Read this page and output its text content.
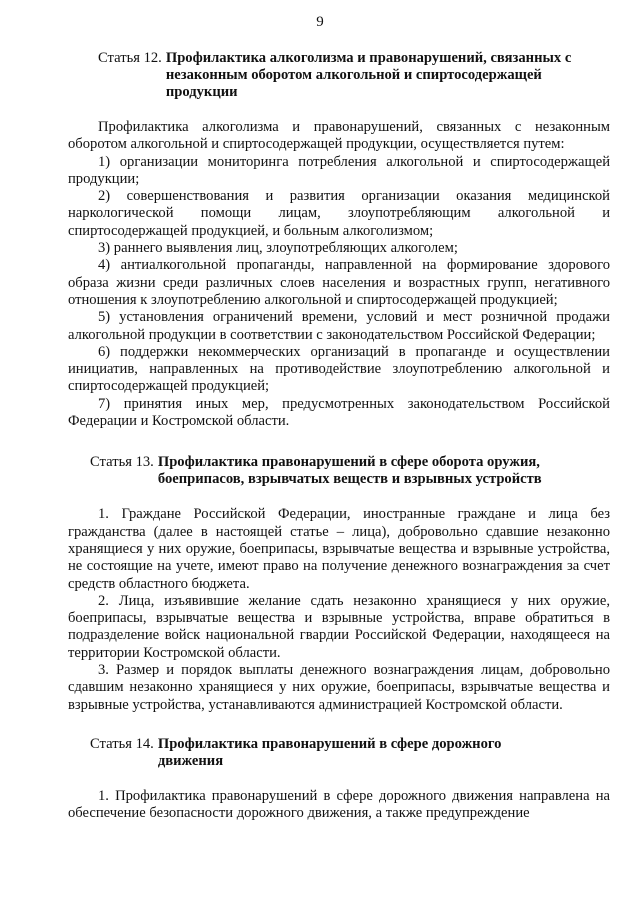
9
Статья 12. Профилактика алкоголизма и правонарушений, связанных с незаконным оборотом алкогольной и спиртосодержащей продукции

Профилактика алкоголизма и правонарушений, связанных с незаконным оборотом алкогольной и спиртосодержащей продукции, осуществляется путем:

1) организации мониторинга потребления алкогольной и спиртосодержащей продукции;

2) совершенствования и развития организации оказания медицинской наркологической помощи лицам, злоупотребляющим алкогольной и спиртосодержащей продукцией, и больным алкоголизмом;

3) раннего выявления лиц, злоупотребляющих алкоголем;

4) антиалкогольной пропаганды, направленной на формирование здорового образа жизни среди различных слоев населения и возрастных групп, негативного отношения к злоупотреблению алкогольной и спиртосодержащей продукцией;

5) установления ограничений времени, условий и мест розничной продажи алкогольной продукции в соответствии с законодательством Российской Федерации;

6) поддержки некоммерческих организаций в пропаганде и осуществлении инициатив, направленных на противодействие злоупотреблению алкогольной и спиртосодержащей продукцией;

7) принятия иных мер, предусмотренных законодательством Российской Федерации и Костромской области.

Статья 13. Профилактика правонарушений в сфере оборота оружия, боеприпасов, взрывчатых веществ и взрывных устройств

1. Граждане Российской Федерации, иностранные граждане и лица без гражданства (далее в настоящей статье – лица), добровольно сдавшие незаконно хранящиеся у них оружие, боеприпасы, взрывчатые вещества и взрывные устройства, не состоящие на учете, имеют право на получение денежного вознаграждения за счет средств областного бюджета.

2. Лица, изъявившие желание сдать незаконно хранящиеся у них оружие, боеприпасы, взрывчатые вещества и взрывные устройства, вправе обратиться в подразделение войск национальной гвардии Российской Федерации, находящееся на территории Костромской области.

3. Размер и порядок выплаты денежного вознаграждения лицам, добровольно сдавшим незаконно хранящиеся у них оружие, боеприпасы, взрывчатые вещества и взрывные устройства, устанавливаются администрацией Костромской области.

Статья 14. Профилактика правонарушений в сфере дорожного движения

1. Профилактика правонарушений в сфере дорожного движения направлена на обеспечение безопасности дорожного движения, а также предупреждение
